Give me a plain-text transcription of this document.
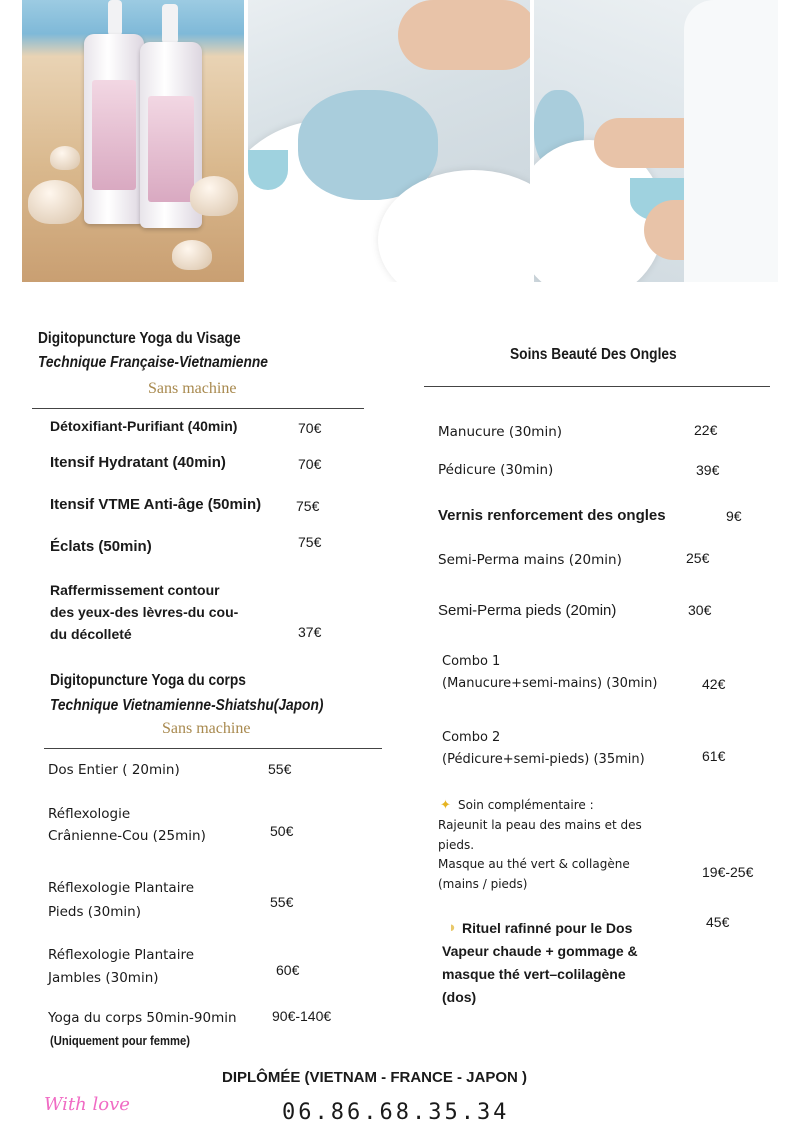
Digitopuncture Yoga du Visage
Technique Française-Vietnamienne
Sans machine
Détoxifiant-Purifiant (40min)	70€
Itensif Hydratant (40min)	70€
Itensif VTME Anti-âge (50min) 75€
Éclats (50min)	75€
Raffermissement contour
des yeux-des lèvres-du cou-
du décolleté	37€
Digitopuncture Yoga du corps
Technique Vietnamienne-Shiatshu(Japon)
Sans machine
Dos Entier ( 20min)	55€
Réflexologie
Crânienne-Cou (25min)	50€
Réflexologie Plantaire
Pieds (30min)
55€
Réflexologie Plantaire
Jambles (30min)	60€
Yoga du corps 50min-90min	90€-140€
(Uniquement pour femme)
Soins Beauté Des Ongles
Manucure (30min)	22€
Pédicure (30min)	39€
Vernis renforcement des ongles	9€
Semi-Perma mains (20min)	25€
Semi-Perma pieds (20min)	30€
Combo 1
(Manucure+semi-mains) (30min)	42€
Combo 2
(Pédicure+semi-pieds) (35min)	61€
✦ Soin complémentaire :
Rajeunit la peau des mains et des
pieds.
Masque au thé vert & collagène
(mains / pieds)
19€-25€
◗ Rituel rafinné pour le Dos
Vapeur chaude + gommage &
masque thé vert–colilagène
(dos)
45€
DIPLÔMÉE (VIETNAM - FRANCE - JAPON )
06.86.68.35.34
With love
